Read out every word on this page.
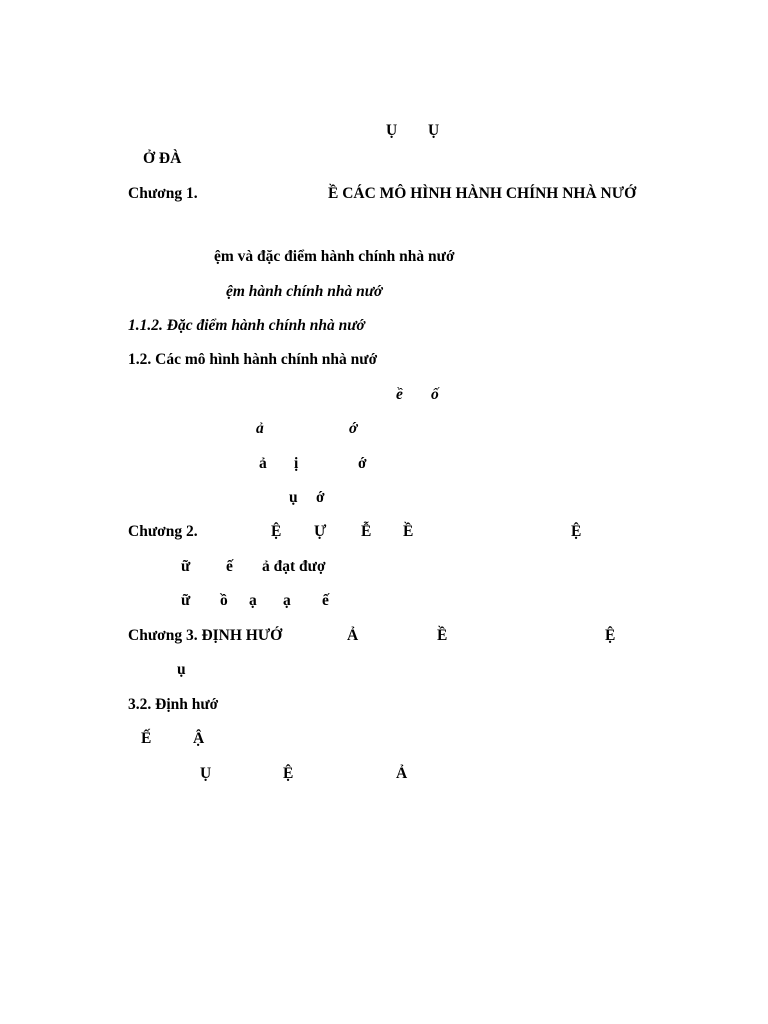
Ụ Ụ
Ở ĐÀ
Chương 1.	Ề CÁC MÔ HÌNH HÀNH CHÍNH NHÀ NƯỚ
ệm và đặc điểm hành chính nhà nướ
ệm hành chính nhà nướ
1.1.2. Đặc điểm hành chính nhà nướ
1.2. Các mô hình hành chính nhà nướ
ề ố
ả	ớ
ả ị	ớ
ụ ớ
Chương 2.	Ệ Ự Ễ Ề	Ệ
ữ ế ả đạt đượ
ữ ồ ạ ạ ế
Chương 3. ĐỊNH HƯỚ	Ả	Ề	Ệ
ụ
3.2. Định hướ
Ế	Ậ
Ụ	Ệ	Ả
